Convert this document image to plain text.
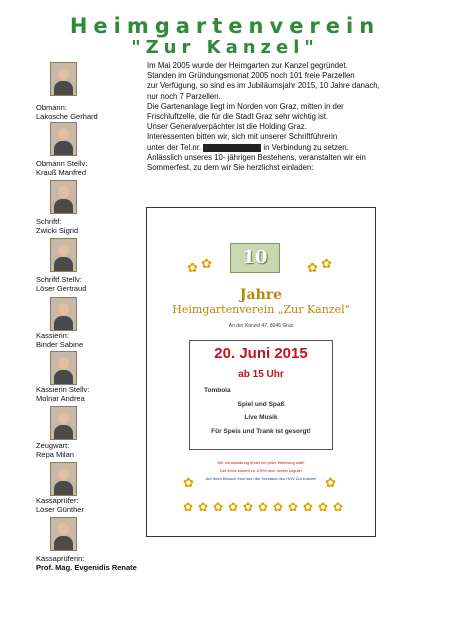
Heimgartenverein
"Zur Kanzel"
Obmann:
Lakosche Gerhard
Obmann Stellv:
Krauß Manfred
Schriftf:
Zwicki Sigrid
Schriftf.Stellv:
Löser Gertraud
Kassierin:
Binder Sabine
Kassierin Stellv:
Molnar Andrea
Zeugwart:
Repa Milan
Kassaprüfer:
Löser Günther
Kassaprüferin:
Prof. Mag. Evgenidis Renate

Im Mai 2005 wurde der Heimgarten zur Kanzel gegründet.

Standen im Gründungsmonat 2005 noch 101 freie Parzellen

zur Verfügung, so sind es im Jubiläumsjahr 2015, 10 Jahre danach,

nur noch 7 Parzellen.

Die Gartenanlage liegt im Norden von Graz, mitten in der

Frischluftzelle, die für die Stadt Graz sehr wichtig ist.

Unser Generalverpächter ist die Holding Graz.

Interessenten bitten wir, sich mit unserer Schriftführerin

unter der Tel.nr.	in Verbindung zu setzen.

Anlässlich unseres 10- jährigen Bestehens, veranstalten wir ein

Sommerfest, zu dem wir Sie herzlichst einladen:

10
✿ ✿	✿ ✿
Jahre
Heimgartenverein „Zur Kanzel"
An der Kanzel 47, 8046 Graz
20. Juni 2015
ab 15 Uhr
Tombola
Spiel und Spaß
Live Musik
Für Speis und Trank ist gesorgt!
Die Veranstaltung findet bei jeder Witterung statt!
Der Erlös kommt zu 100% dem Verein zugute!
Auf Ihren Besuch freut sich der Vorstand des HGV Zur Kanzel!
✿	✿
✿ ✿ ✿ ✿ ✿ ✿ ✿ ✿ ✿ ✿ ✿
